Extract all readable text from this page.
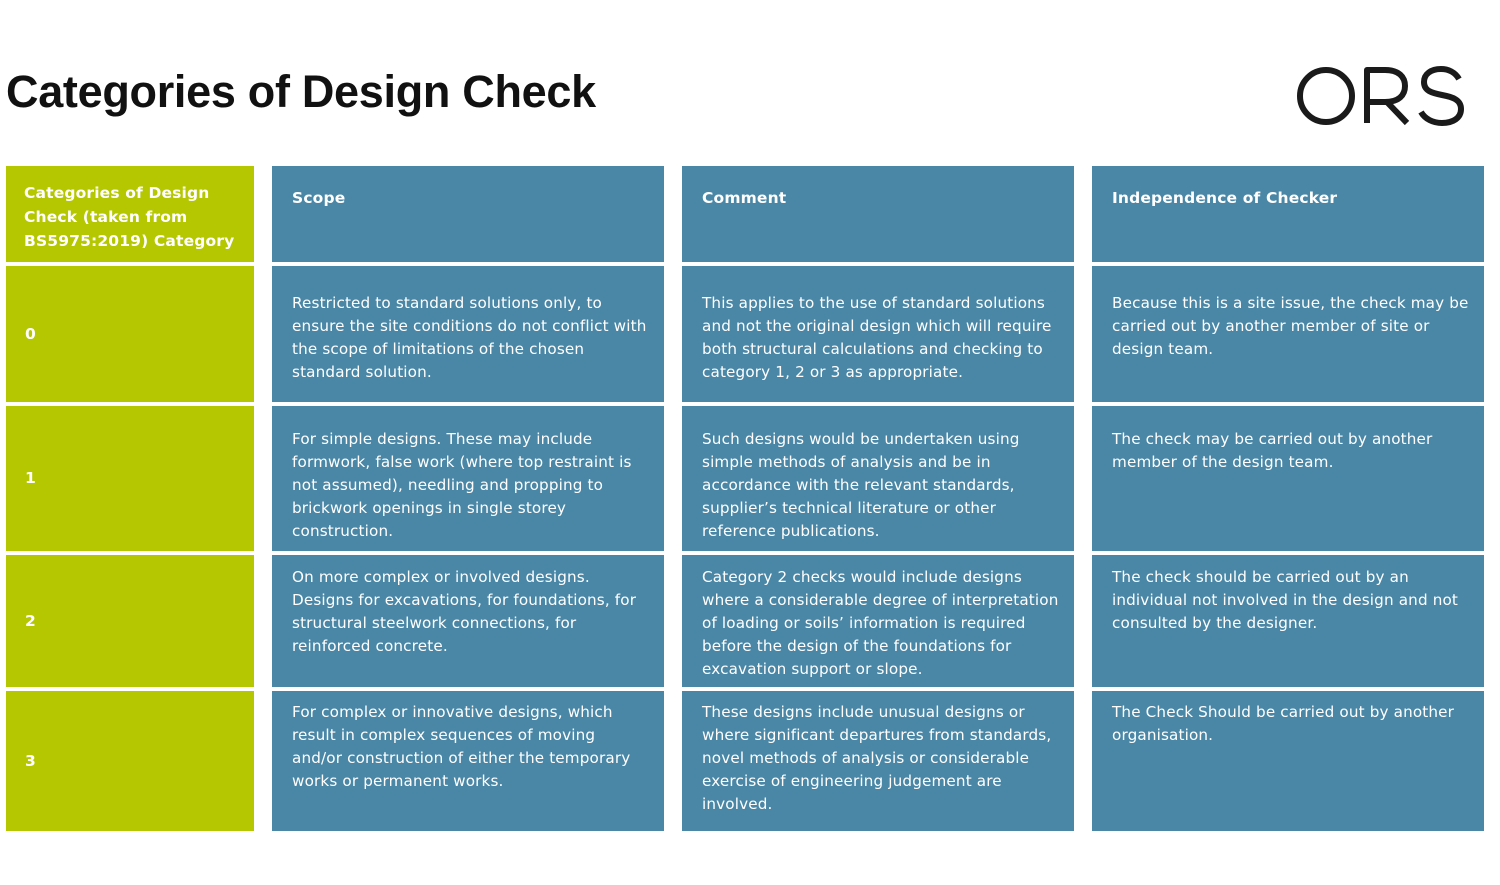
Categories of Design Check
Categories of Design Check (taken from BS5975:2019) Category
Scope	Comment	Independence of Checker
0
Restricted to standard solutions only, to ensure the site conditions do not conflict with the scope of limitations of the chosen standard solution.
This applies to the use of standard solutions and not the original design which will require both structural calculations and checking to category 1, 2 or 3 as appropriate.
Because this is a site issue, the check may be carried out by another member of site or design team.
1
For simple designs. These may include formwork, false work (where top restraint is not assumed), needling and propping to brickwork openings in single storey construction.
Such designs would be undertaken using simple methods of analysis and be in accordance with the relevant standards, supplier’s technical literature or other reference publications.
The check may be carried out by another member of the design team.
2
On more complex or involved designs. Designs for excavations, for foundations, for structural steelwork connections, for reinforced concrete.
Category 2 checks would include designs where a considerable degree of interpretation of loading or soils’ information is required before the design of the foundations for excavation support or slope.
The check should be carried out by an individual not involved in the design and not consulted by the designer.
3
For complex or innovative designs, which result in complex sequences of moving and/or construction of either the temporary works or permanent works.
These designs include unusual designs or where significant departures from standards, novel methods of analysis or considerable exercise of engineering judgement are involved.
The Check Should be carried out by another organisation.
